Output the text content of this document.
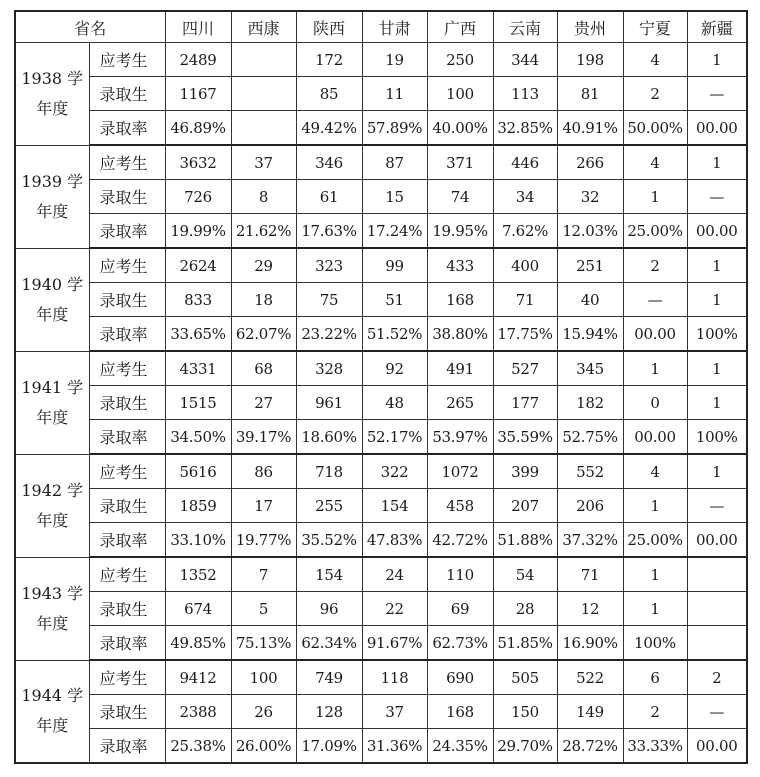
省名		四川	西康	陕西	甘肃	广西	云南	贵州	宁夏	新疆

1938 学
年度	应考生	2489		172	19	250	344	198	4	1
	录取生	1167		85	11	100	113	81	2	—
	录取率	46.89%		49.42%	57.89%	40.00%	32.85%	40.91%	50.00%	00.00

1939 学
年度	应考生	3632	37	346	87	371	446	266	4	1
	录取生	726	8	61	15	74	34	32	1	—
	录取率	19.99%	21.62%	17.63%	17.24%	19.95%	7.62%	12.03%	25.00%	00.00

1940 学
年度	应考生	2624	29	323	99	433	400	251	2	1
	录取生	833	18	75	51	168	71	40	—	1
	录取率	33.65%	62.07%	23.22%	51.52%	38.80%	17.75%	15.94%	00.00	100%

1941 学
年度	应考生	4331	68	328	92	491	527	345	1	1
	录取生	1515	27	961	48	265	177	182	0	1
	录取率	34.50%	39.17%	18.60%	52.17%	53.97%	35.59%	52.75%	00.00	100%

1942 学
年度	应考生	5616	86	718	322	1072	399	552	4	1
	录取生	1859	17	255	154	458	207	206	1	—
	录取率	33.10%	19.77%	35.52%	47.83%	42.72%	51.88%	37.32%	25.00%	00.00

1943 学
年度	应考生	1352	7	154	24	110	54	71	1	
	录取生	674	5	96	22	69	28	12	1	
	录取率	49.85%	75.13%	62.34%	91.67%	62.73%	51.85%	16.90%	100%	

1944 学
年度	应考生	9412	100	749	118	690	505	522	6	2
	录取生	2388	26	128	37	168	150	149	2	—
	录取率	25.38%	26.00%	17.09%	31.36%	24.35%	29.70%	28.72%	33.33%	00.00
